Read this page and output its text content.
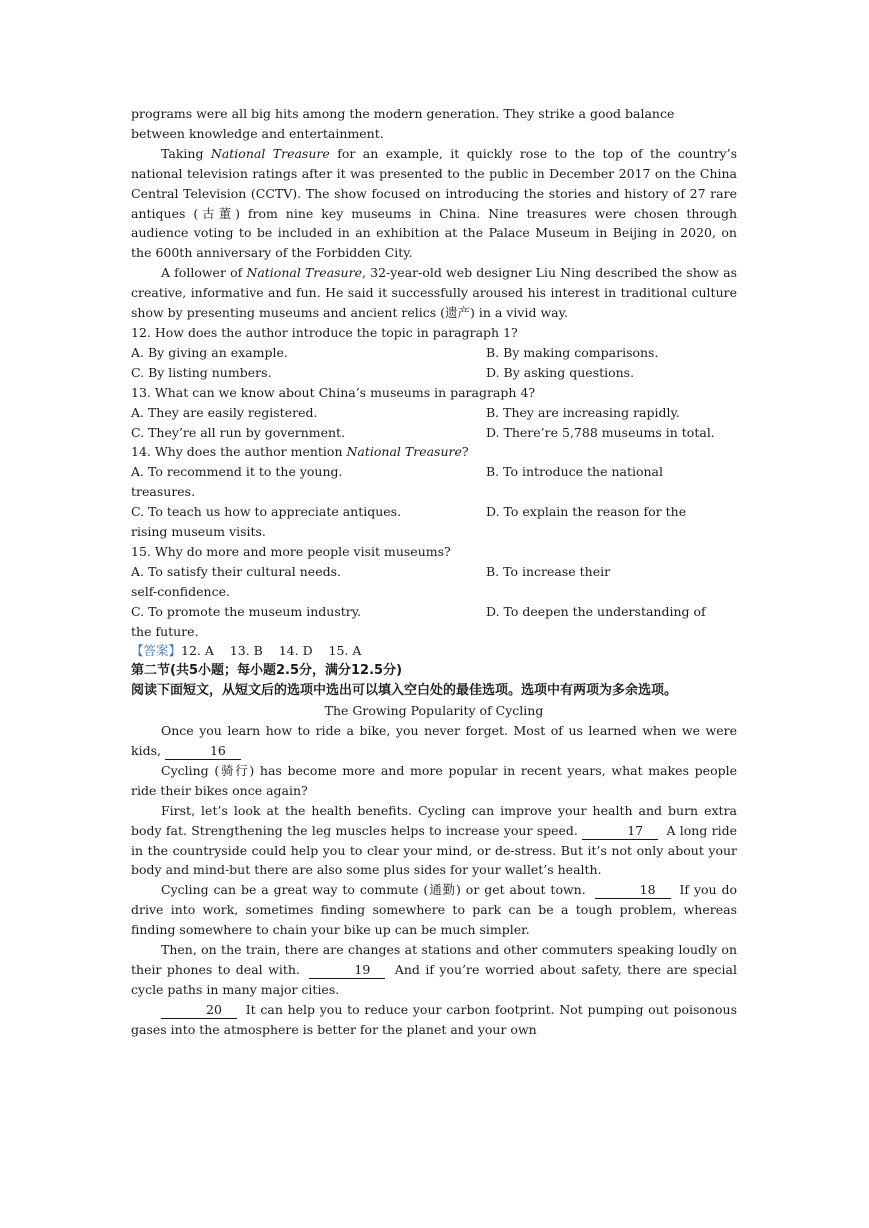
programs were all big hits among the modern generation. They strike a good balance

between knowledge and entertainment.

Taking National Treasure for an example, it quickly rose to the top of the country’s national television ratings after it was presented to the public in December 2017 on the China Central Television (CCTV). The show focused on introducing the stories and history of 27 rare antiques (古董) from nine key museums in China. Nine treasures were chosen through audience voting to be included in an exhibition at the Palace Museum in Beijing in 2020, on the 600th anniversary of the Forbidden City.

A follower of National Treasure, 32-year-old web designer Liu Ning described the show as creative, informative and fun. He said it successfully aroused his interest in traditional culture show by presenting museums and ancient relics (遗产) in a vivid way.

12. How does the author introduce the topic in paragraph 1?

A. By giving an example.	B. By making comparisons.
C. By listing numbers.	D. By asking questions.

13. What can we know about China’s museums in paragraph 4?

A. They are easily registered.	B. They are increasing rapidly.
C. They’re all run by government.	D. There’re 5,788 museums in total.

14. Why does the author mention National Treasure?

A. To recommend it to the young.	B. To introduce the national

treasures.

C. To teach us how to appreciate antiques.	D. To explain the reason for the

rising museum visits.

15. Why do more and more people visit museums?

A. To satisfy their cultural needs.	B. To increase their

self-confidence.

C. To promote the museum industry.	D. To deepen the understanding of

the future.

【答案】12. A    13. B    14. D    15. A

第二节(共5小题；每小题2.5分，满分12.5分)

阅读下面短文，从短文后的选项中选出可以填入空白处的最佳选项。选项中有两项为多余选项。

The Growing Popularity of Cycling

Once you learn how to ride a bike, you never forget. Most of us learned when we were kids,	16

Cycling (骑行) has become more and more popular in recent years, what makes people ride their bikes once again?

First, let’s look at the health benefits. Cycling can improve your health and burn extra body fat. Strengthening the leg muscles helps to increase your speed.	17 A long ride in the countryside could help you to clear your mind, or de-stress. But it’s not only about your body and mind-but there are also some plus sides for your wallet’s health.

Cycling can be a great way to commute (通勤) or get about town.	18 If you do drive into work, sometimes finding somewhere to park can be a tough problem, whereas finding somewhere to chain your bike up can be much simpler.

Then, on the train, there are changes at stations and other commuters speaking loudly on their phones to deal with.	19 And if you’re worried about safety, there are special cycle paths in many major cities.

20 It can help you to reduce your carbon footprint. Not pumping out poisonous gases into the atmosphere is better for the planet and your own
